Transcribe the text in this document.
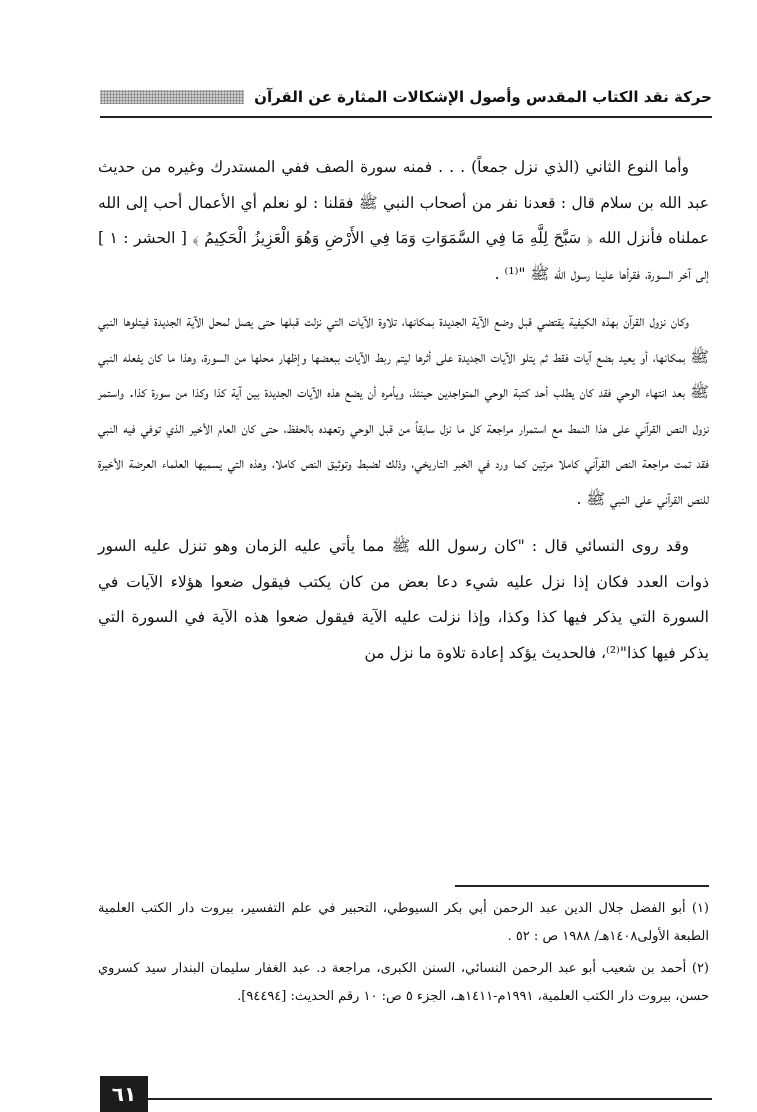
حركة نقد الكتاب المقدس وأصول الإشكالات المثارة عن القرآن

وأما النوع الثاني (الذي نزل جمعاً) . . . فمنه سورة الصف ففي المستدرك وغيره من حديث عبد الله بن سلام قال : قعدنا نفر من أصحاب النبي ﷺ فقلنا : لو نعلم أي الأعمال أحب إلى الله عملناه فأنزل الله ﴿ سَبَّحَ لِلَّهِ مَا فِي السَّمَوَاتِ وَمَا فِي الأَرْضِ وَهُوَ الْعَزِيزُ الْحَكِيمُ ﴾ [ الحشر : ١ ] إلى آخر السورة، فقرأها علينا رسول الله ﷺ "⁽¹⁾ .

وكان نزول القرآن بهذه الكيفية يقتضي قبل وضع الآية الجديدة بمكانها، تلاوة الآيات التي نزلت قبلها حتى يصل لمحل الآية الجديدة فيتلوها النبي ﷺ بمكانها، أو يعيد بضع آيات فقط ثم يتلو الآيات الجديدة على أثرها ليتم ربط الآيات ببعضها وإظهار محلها من السورة، وهذا ما كان يفعله النبي ﷺ بعد انتهاء الوحي فقد كان يطلب أحد كتبة الوحي المتواجدين حينئذ، ويأمره أن يضع هذه الآيات الجديدة بين آية كذا وكذا من سورة كذا. واستمر نزول النص القرآني على هذا النمط مع استمرار مراجعة كل ما نزل سابقاً من قبل الوحي وتعهده بالحفظ، حتى كان العام الأخير الذي توفي فيه النبي فقد تمت مراجعة النص القرآني كاملا مرتين كما ورد في الخبر التاريخي، وذلك لضبط وتوثيق النص كاملا، وهذه التي يسميها العلماء العرضة الأخيرة للنص القرآني على النبي ﷺ .

وقد روى النسائي قال : "كان رسول الله ﷺ مما يأتي عليه الزمان وهو تنزل عليه السور ذوات العدد فكان إذا نزل عليه شيء دعا بعض من كان يكتب فيقول ضعوا هؤلاء الآيات في السورة التي يذكر فيها كذا وكذا، وإذا نزلت عليه الآية فيقول ضعوا هذه الآية في السورة التي يذكر فيها كذا"⁽²⁾، فالحديث يؤكد إعادة تلاوة ما نزل من

(١) أبو الفضل جلال الدين عبد الرحمن أبي بكر السيوطي، التحبير في علم التفسير، بيروت دار الكتب العلمية الطبعة الأولى١٤٠٨هـ/ ١٩٨٨ ص : ٥٢ .

(٢) أحمد بن شعيب أبو عبد الرحمن النسائي، السنن الكبرى، مراجعة د. عبد الغفار سليمان البندار سيد كسروي حسن، بيروت دار الكتب العلمية، ١٩٩١م-١٤١١هـ، الجزء ٥ ص: ١٠ رقم الحديث: [٩٤٤٩٤].

٦١
